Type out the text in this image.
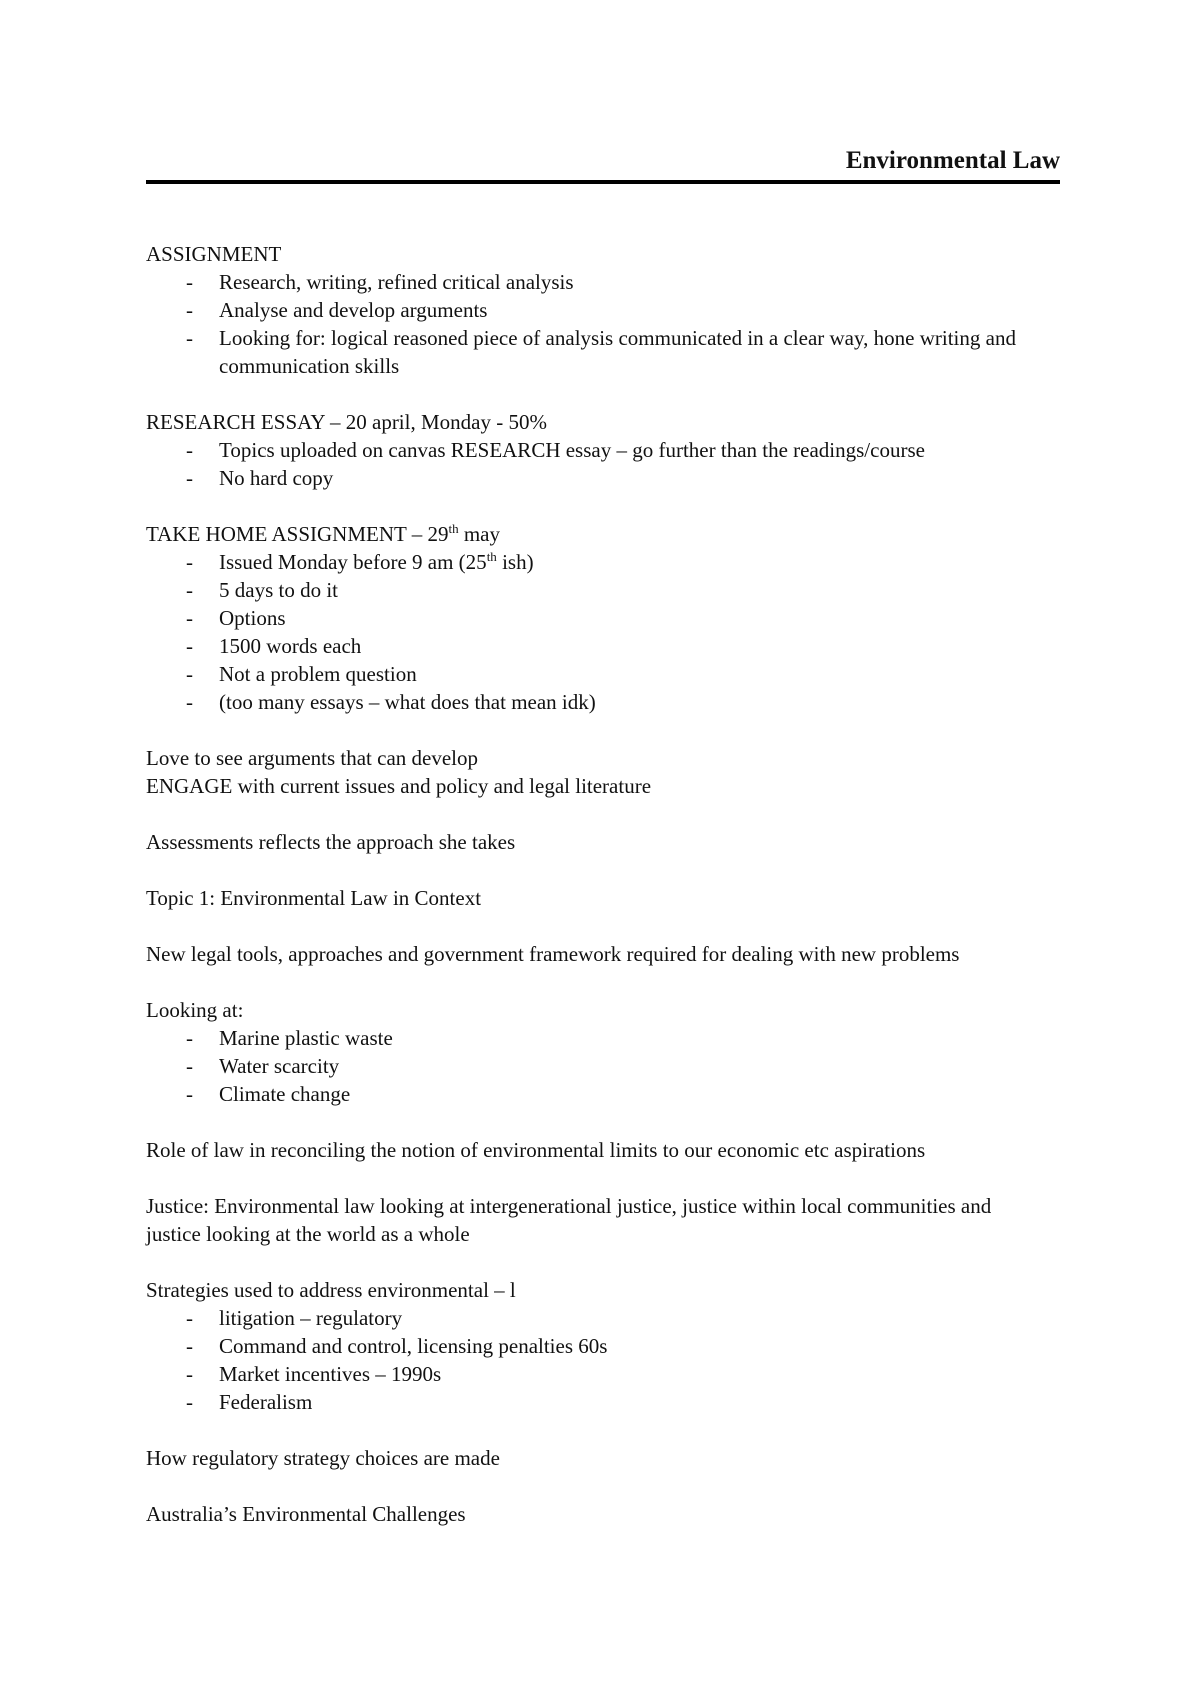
Environmental Law
ASSIGNMENT
- Research, writing, refined critical analysis
- Analyse and develop arguments
- Looking for: logical reasoned piece of analysis communicated in a clear way, hone writing and communication skills
RESEARCH ESSAY – 20 april, Monday - 50%
- Topics uploaded on canvas RESEARCH essay – go further than the readings/course
- No hard copy
TAKE HOME ASSIGNMENT – 29th may
- Issued Monday before 9 am (25th ish)
- 5 days to do it
- Options
- 1500 words each
- Not a problem question
- (too many essays – what does that mean idk)
Love to see arguments that can develop
ENGAGE with current issues and policy and legal literature
Assessments reflects the approach she takes
Topic 1: Environmental Law in Context
New legal tools, approaches and government framework required for dealing with new problems
Looking at:
- Marine plastic waste
- Water scarcity
- Climate change
Role of law in reconciling the notion of environmental limits to our economic etc aspirations
Justice: Environmental law looking at intergenerational justice, justice within local communities and justice looking at the world as a whole
Strategies used to address environmental – l
- litigation – regulatory
- Command and control, licensing penalties 60s
- Market incentives – 1990s
- Federalism
How regulatory strategy choices are made
Australia’s Environmental Challenges
